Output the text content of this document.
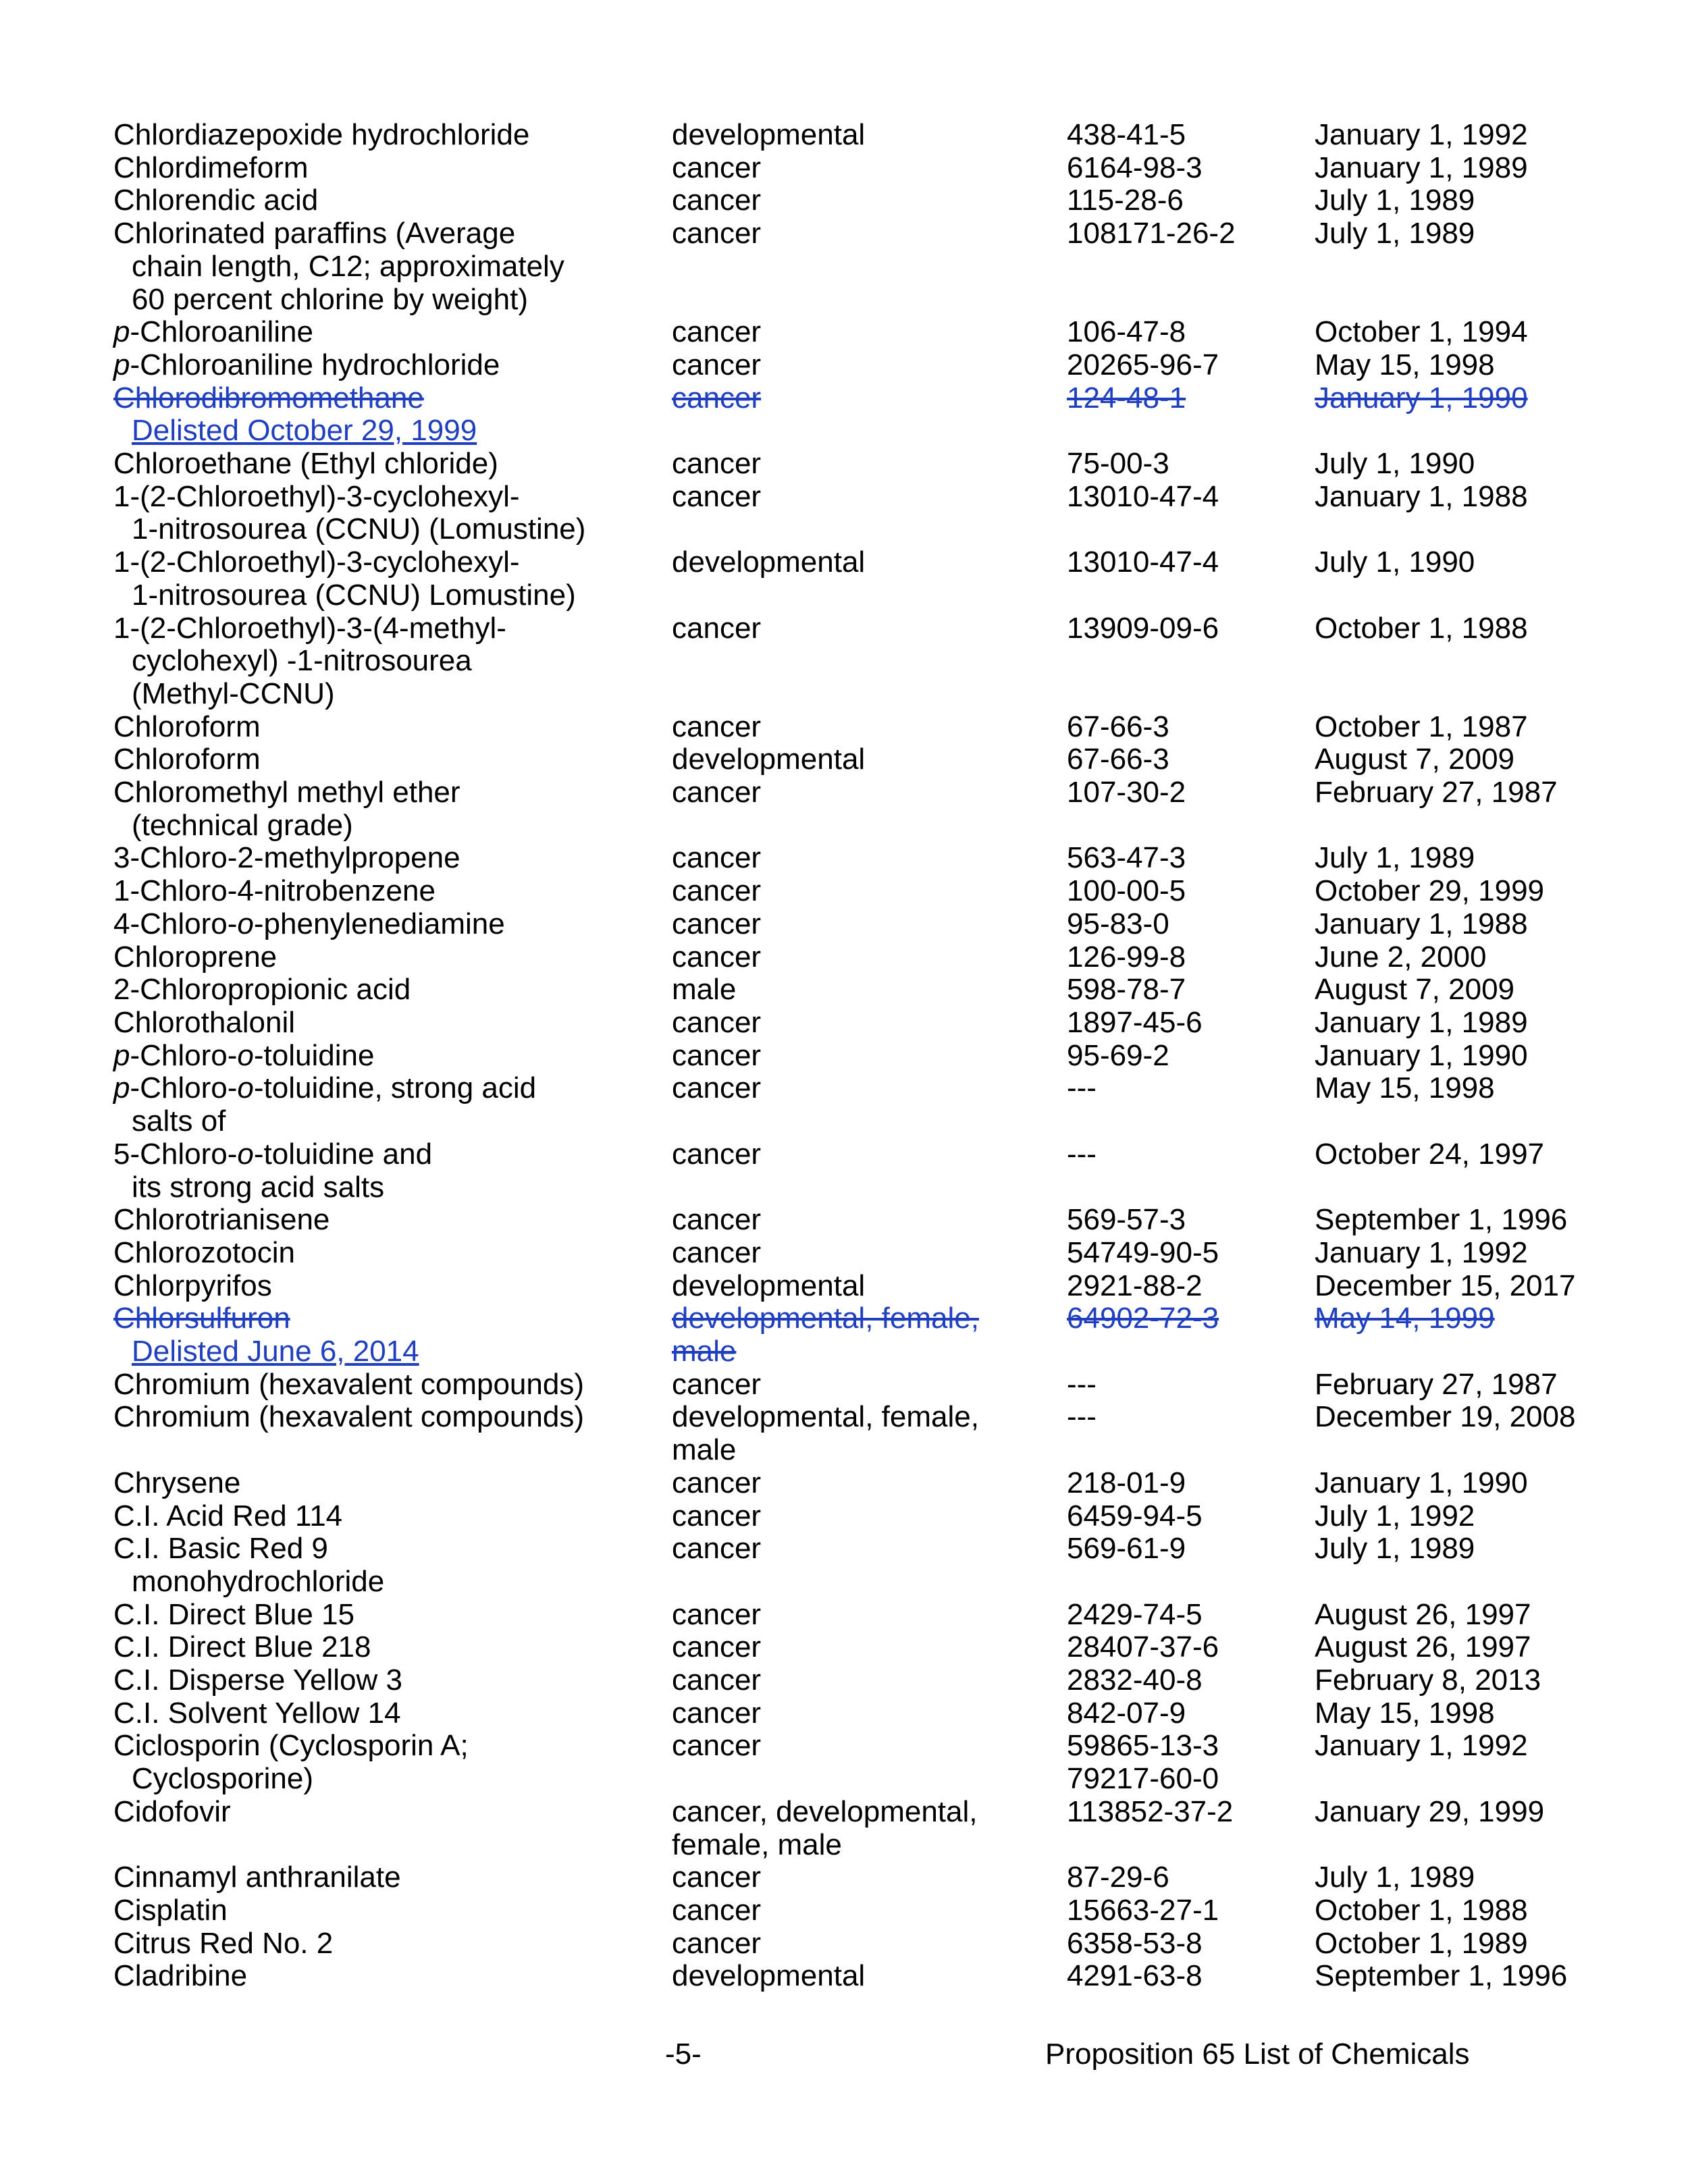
Chlordiazepoxide hydrochloride	developmental	438-41-5	January 1, 1992

Chlordimeform	cancer	6164-98-3	January 1, 1989

Chlorendic acid	cancer	115-28-6	July 1, 1989

Chlorinated paraffins (Average
chain length, C12; approximately
60 percent chlorine by weight)	cancer	108171-26-2	July 1, 1989

p-Chloroaniline	cancer	106-47-8	October 1, 1994

p-Chloroaniline hydrochloride	cancer	20265-96-7	May 15, 1998

Chlorodibromomethane
Delisted October 29, 1999	cancer	124-48-1	January 1, 1990

Chloroethane (Ethyl chloride)	cancer	75-00-3	July 1, 1990

1-(2-Chloroethyl)-3-cyclohexyl-
1-nitrosourea (CCNU) (Lomustine)	cancer	13010-47-4	January 1, 1988

1-(2-Chloroethyl)-3-cyclohexyl-
1-nitrosourea (CCNU) Lomustine)	developmental	13010-47-4	July 1, 1990

1-(2-Chloroethyl)-3-(4-methyl-
cyclohexyl) -1-nitrosourea
(Methyl-CCNU)	cancer	13909-09-6	October 1, 1988

Chloroform	cancer	67-66-3	October 1, 1987

Chloroform	developmental	67-66-3	August 7, 2009

Chloromethyl methyl ether
(technical grade)	cancer	107-30-2	February 27, 1987

3-Chloro-2-methylpropene	cancer	563-47-3	July 1, 1989

1-Chloro-4-nitrobenzene	cancer	100-00-5	October 29, 1999

4-Chloro-o-phenylenediamine	cancer	95-83-0	January 1, 1988

Chloroprene	cancer	126-99-8	June 2, 2000

2-Chloropropionic acid	male	598-78-7	August 7, 2009

Chlorothalonil	cancer	1897-45-6	January 1, 1989

p-Chloro-o-toluidine	cancer	95-69-2	January 1, 1990

p-Chloro-o-toluidine, strong acid
salts of	cancer	---	May 15, 1998

5-Chloro-o-toluidine and
its strong acid salts	cancer	---	October 24, 1997

Chlorotrianisene	cancer	569-57-3	September 1, 1996

Chlorozotocin	cancer	54749-90-5	January 1, 1992

Chlorpyrifos	developmental	2921-88-2	December 15, 2017

Chlorsulfuron
Delisted June 6, 2014	developmental, female,
male	64902-72-3	May 14, 1999

Chromium (hexavalent compounds)	cancer	---	February 27, 1987

Chromium (hexavalent compounds)	developmental, female,
male	---	December 19, 2008

Chrysene	cancer	218-01-9	January 1, 1990

C.I. Acid Red 114	cancer	6459-94-5	July 1, 1992

C.I. Basic Red 9
monohydrochloride	cancer	569-61-9	July 1, 1989

C.I. Direct Blue 15	cancer	2429-74-5	August 26, 1997

C.I. Direct Blue 218	cancer	28407-37-6	August 26, 1997

C.I. Disperse Yellow 3	cancer	2832-40-8	February 8, 2013

C.I. Solvent Yellow 14	cancer	842-07-9	May 15, 1998

Ciclosporin (Cyclosporin A;
Cyclosporine)	cancer	59865-13-3
79217-60-0	January 1, 1992

Cidofovir	cancer, developmental,
female, male	113852-37-2	January 29, 1999

Cinnamyl anthranilate	cancer	87-29-6	July 1, 1989

Cisplatin	cancer	15663-27-1	October 1, 1988

Citrus Red No. 2	cancer	6358-53-8	October 1, 1989

Cladribine	developmental	4291-63-8	September 1, 1996
-5-	Proposition 65 List of Chemicals
